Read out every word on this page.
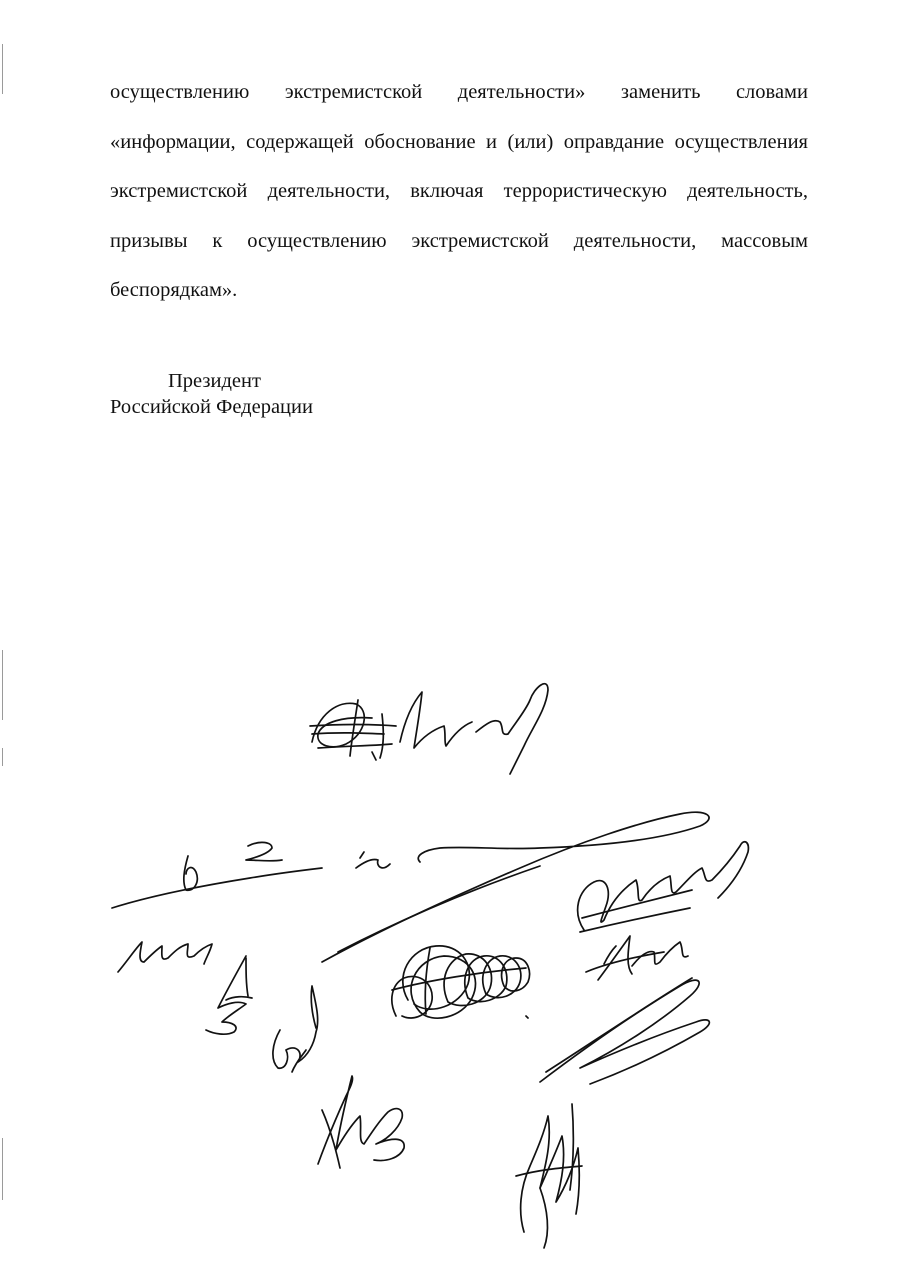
осуществлению экстремистской деятельности» заменить словами
«информации, содержащей обоснование и (или) оправдание осуществления
экстремистской деятельности, включая террористическую деятельность,
призывы к осуществлению экстремистской деятельности, массовым
беспорядкам».
Президент
Российской Федерации
